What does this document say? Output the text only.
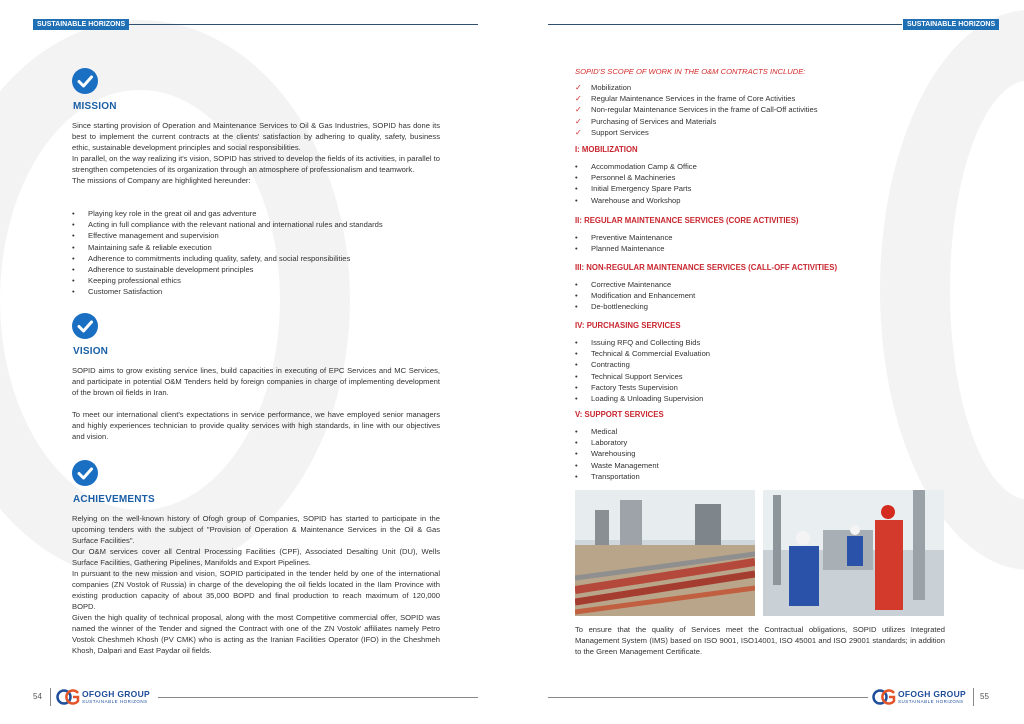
SUSTAINABLE HORIZONS	SUSTAINABLE HORIZONS
MISSION

Since starting provision of Operation and Maintenance Services to Oil & Gas Industries, SOPID has done its best to implement the current contracts at the clients' satisfaction by adhering to quality, safety, business ethic, sustainable development principles and social responsibilities.

In parallel, on the way realizing it's vision, SOPID has strived to develop the fields of its activities, in parallel to strengthen competencies of its organization through an atmosphere of professionalism and teamwork.

The missions of Company are highlighted hereunder:

• Playing key role in the great oil and gas adventure
• Acting in full compliance with the relevant national and international rules and standards
• Effective management and supervision
• Maintaining safe & reliable execution
• Adherence to commitments including quality, safety, and social responsibilities
• Adherence to sustainable development principles
• Keeping professional ethics
• Customer Satisfaction
VISION

SOPID aims to grow existing service lines, build capacities in executing of EPC Services and MC Services, and participate in potential O&M Tenders held by foreign companies in charge of implementing development of the brown oil fields in Iran.

To meet our international client's expectations in service performance, we have employed senior managers and highly experiences technician to provide quality services with high standards, in line with our objectives and vision.

ACHIEVEMENTS

Relying on the well-known history of Ofogh group of Companies, SOPID has started to participate in the upcoming tenders with the subject of "Provision of Operation & Maintenance Services in the Oil & Gas Surface Facilities".

Our O&M services cover all Central Processing Facilities (CPF), Associated Desalting Unit (DU), Wells Surface Facilities, Gathering Pipelines, Manifolds and Export Pipelines.

In pursuant to the new mission and vision, SOPID participated in the tender held by one of the international companies (ZN Vostok of Russia) in charge of the developing the oil fields located in the Ilam Province with existing production capacity of about 35,000 BOPD and final production to reach maximum of 120,000 BOPD.

Given the high quality of technical proposal, along with the most Competitive commercial offer, SOPID was named the winner of the Tender and signed the Contract with one of the ZN Vostok' affiliates namely Petro Vostok Cheshmeh Khosh (PV CMK) who is acting as the Iranian Facilities Operator (IFO) in the Cheshmeh Khosh, Dalpari and East Paydar oil fields.

SOPID'S SCOPE OF WORK IN THE O&M CONTRACTS INCLUDE:
✓ Mobilization
✓ Regular Maintenance Services in the frame of Core Activities
✓ Non-regular Maintenance Services in the frame of Call-Off activities
✓ Purchasing of Services and Materials
✓ Support Services
I: MOBILIZATION
• Accommodation Camp & Office
• Personnel & Machineries
• Initial Emergency Spare Parts
• Warehouse and Workshop
II: REGULAR MAINTENANCE SERVICES (CORE ACTIVITIES)
• Preventive Maintenance
• Planned Maintenance
III: NON-REGULAR MAINTENANCE SERVICES (CALL-OFF ACTIVITIES)
• Corrective Maintenance
• Modification and Enhancement
• De-bottlenecking
IV: PURCHASING SERVICES
• Issuing RFQ and Collecting Bids
• Technical & Commercial Evaluation
• Contracting
• Technical Support Services
• Factory Tests Supervision
• Loading & Unloading Supervision
V: SUPPORT SERVICES
• Medical
• Laboratory
• Warehousing
• Waste Management
• Transportation
To ensure that the quality of Services meet the Contractual obligations, SOPID utilizes Integrated Management System (IMS) based on ISO 9001, ISO14001, ISO 45001 and ISO 29001 standards; in addition to the Green Management Certificate.
54	OFOGH GROUP
SUSTAINABLE HORIZONS
OFOGH GROUP
SUSTAINABLE HORIZONS
55
